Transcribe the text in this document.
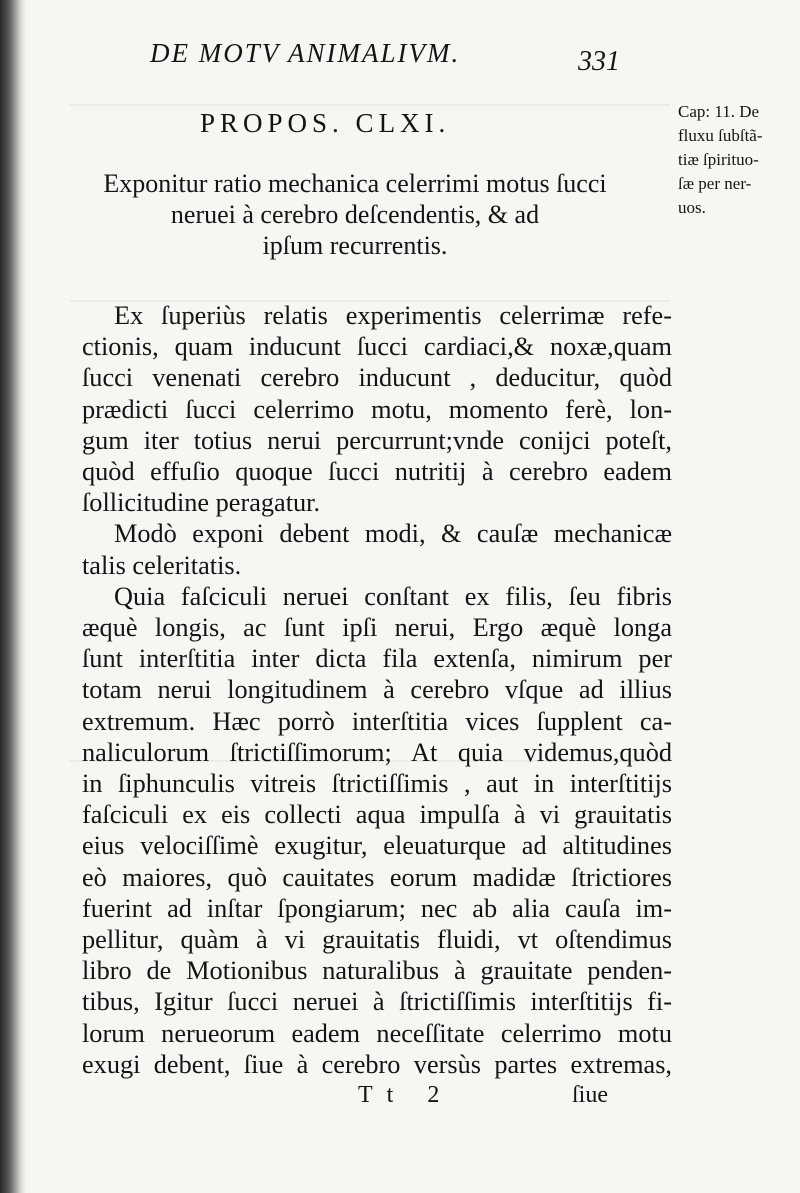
DE MOTV ANIMALIVM.	331
PROPOS. CLXI.
Exponitur ratio mechanica celerrimi motus ſucci
neruei à cerebro deſcendentis, & ad
ipſum recurrentis.
Ex ſuperiùs relatis experimentis celerrimæ refe-
ctionis, quam inducunt ſucci cardiaci,& noxæ,quam
ſucci venenati cerebro inducunt , deducitur, quòd
prædicti ſucci celerrimo motu, momento ferè, lon-
gum iter totius nerui percurrunt;vnde conijci poteſt,
quòd effuſio quoque ſucci nutritij à cerebro eadem
ſollicitudine peragatur.
Modò exponi debent modi, & cauſæ mechanicæ
talis celeritatis.
Quia faſciculi neruei conſtant ex filis, ſeu fibris
æquè longis, ac ſunt ipſi nerui, Ergo æquè longa
ſunt interſtitia inter dicta fila extenſa, nimirum per
totam nerui longitudinem à cerebro vſque ad illius
extremum. Hæc porrò interſtitia vices ſupplent ca-
naliculorum ſtrictiſſimorum; At quia videmus,quòd
in ſiphunculis vitreis ſtrictiſſimis , aut in interſtitijs
faſciculi ex eis collecti aqua impulſa à vi grauitatis
eius velociſſimè exugitur, eleuaturque ad altitudines
eò maiores, quò cauitates eorum madidæ ſtrictiores
fuerint ad inſtar ſpongiarum; nec ab alia cauſa im-
pellitur, quàm à vi grauitatis fluidi, vt oſtendimus
libro de Motionibus naturalibus à grauitate penden-
tibus, Igitur ſucci neruei à ſtrictiſſimis interſtitijs fi-
lorum nerueorum eadem neceſſitate celerrimo motu
exugi debent, ſiue à cerebro versùs partes extremas,
Cap: 11. De
fluxu ſubſtã-
tiæ ſpirituo-
ſæ per ner-
uos.
Tt 2	ſiue
